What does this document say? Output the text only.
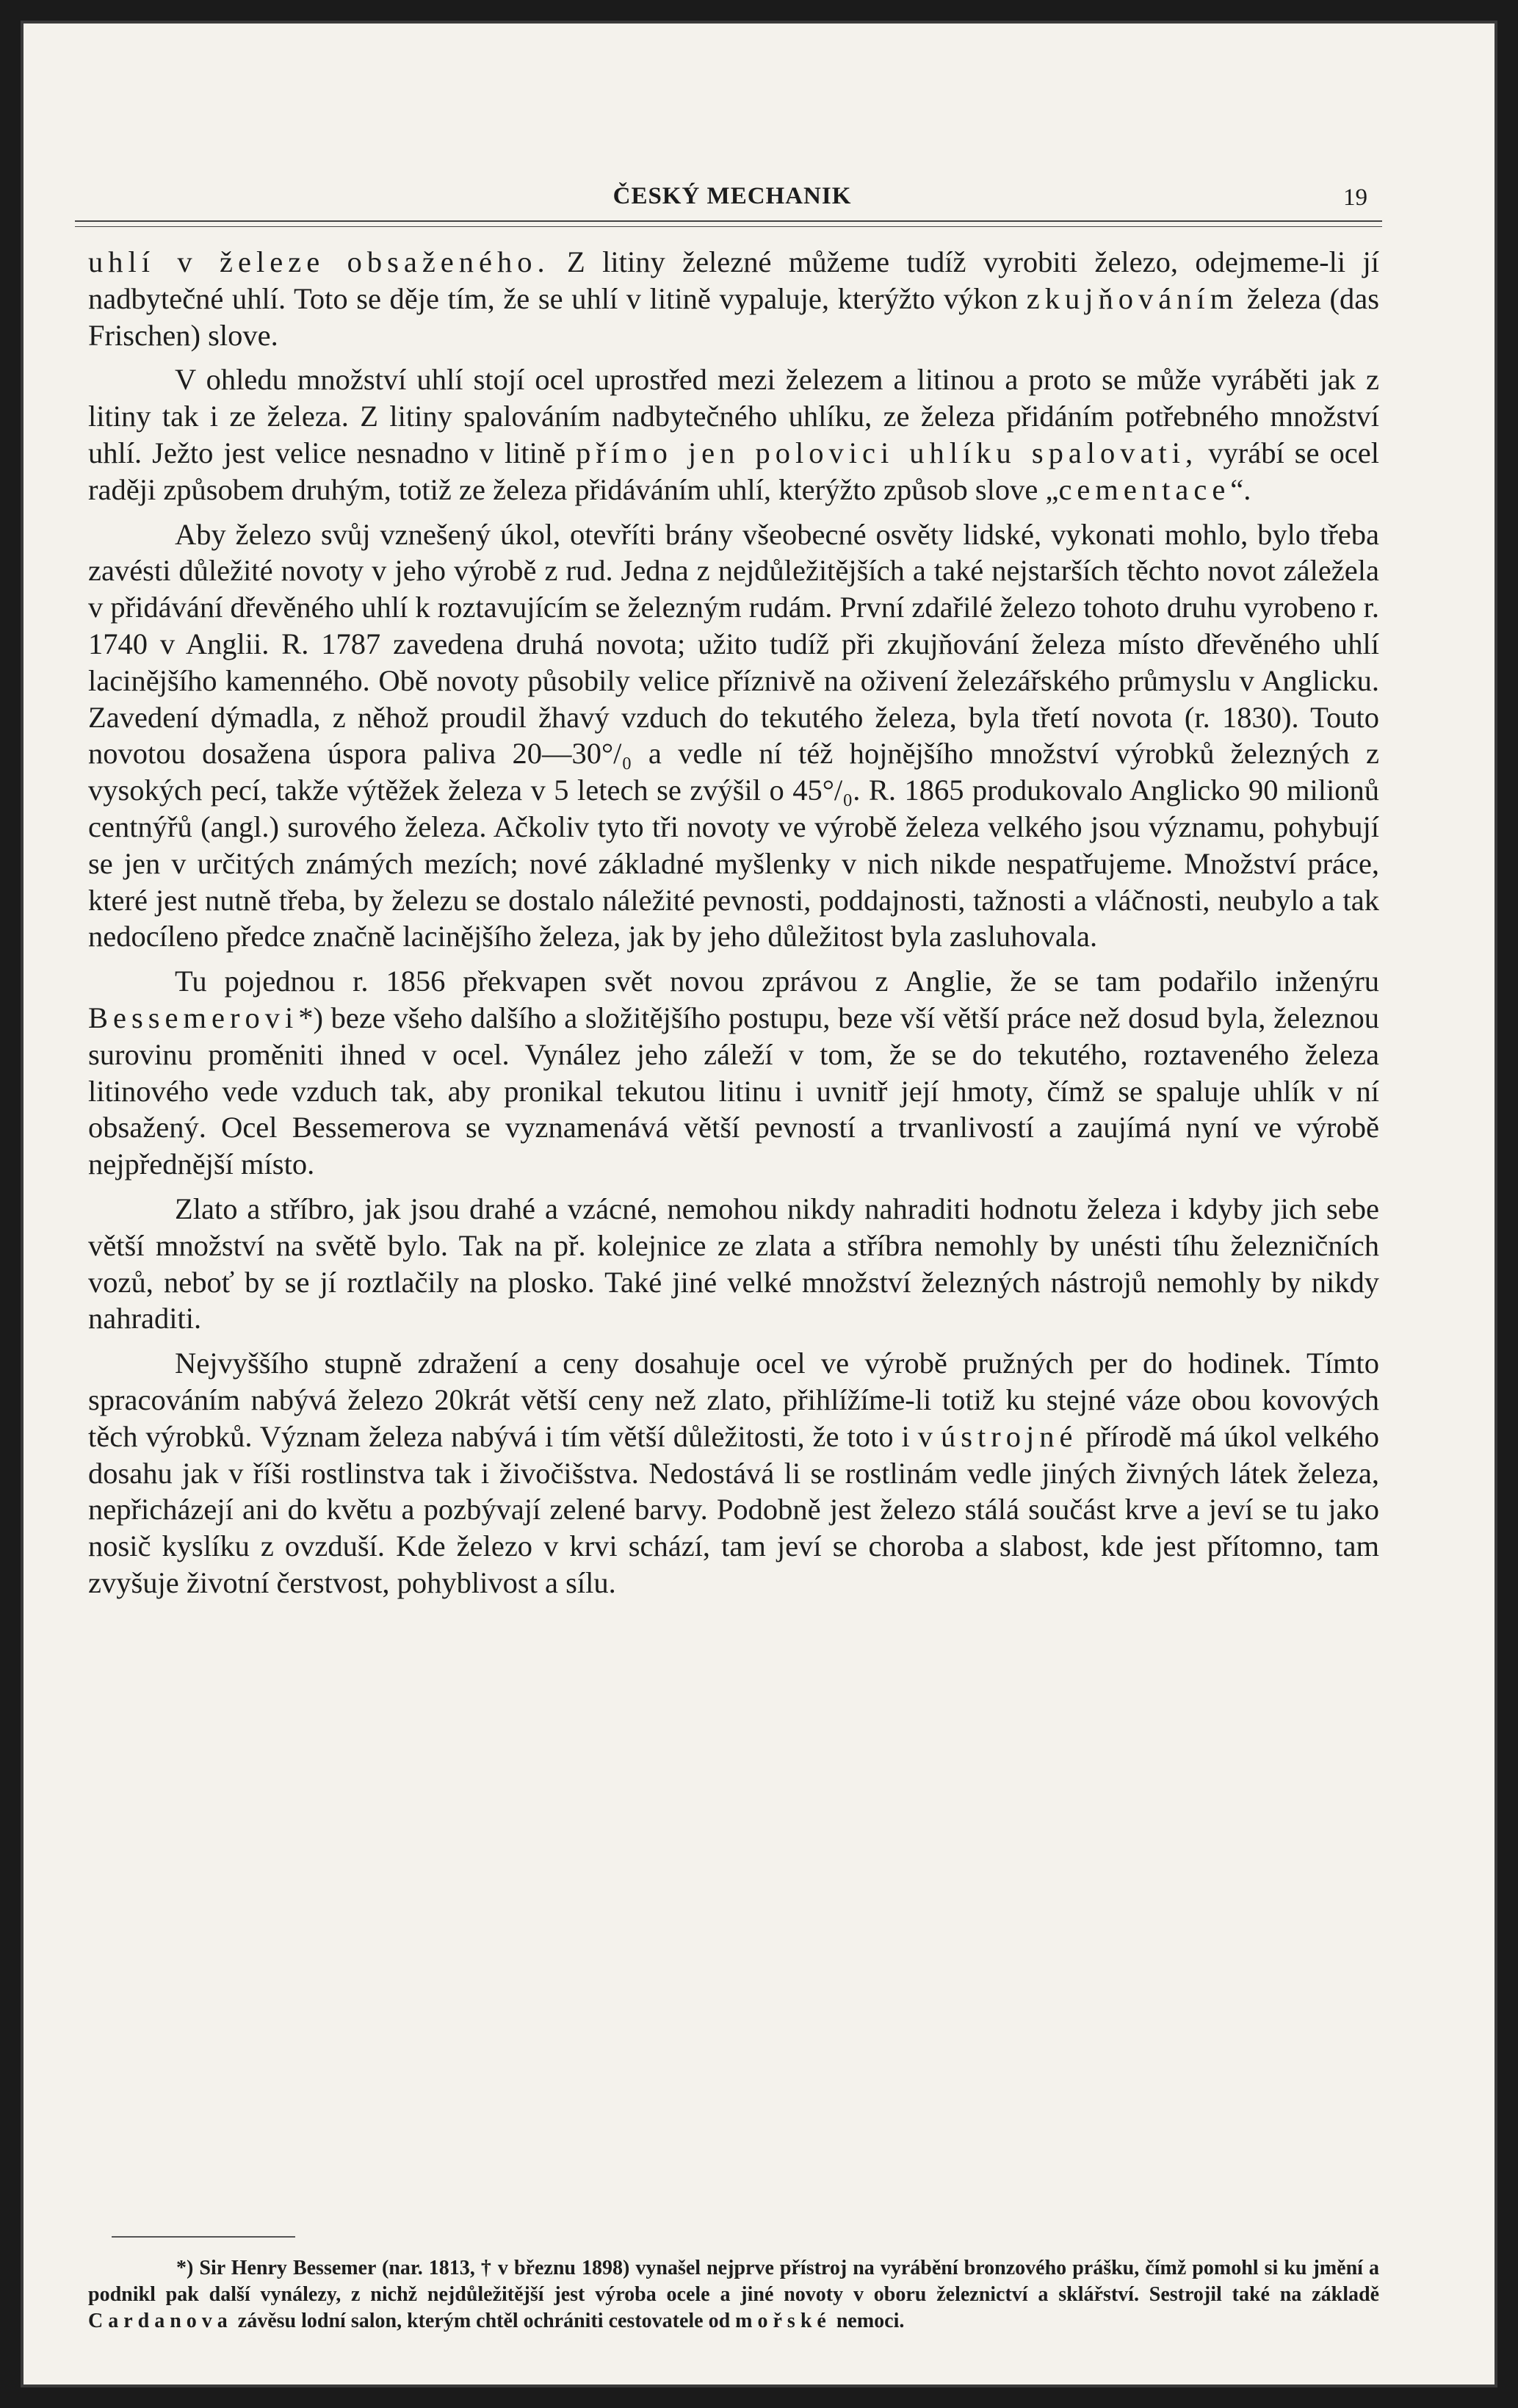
ČESKÝ MECHANIK	19

uhlí v železe obsaženého. Z litiny železné můžeme tudíž vyrobiti železo, odejmeme-li jí nadbytečné uhlí. Toto se děje tím, že se uhlí v litině vypaluje, kterýžto výkon zkujňováním železa (das Frischen) slove.

V ohledu množství uhlí stojí ocel uprostřed mezi železem a litinou a proto se může vyráběti jak z litiny tak i ze železa. Z litiny spalováním nadbytečného uhlíku, ze železa přidáním potřebného množství uhlí. Ježto jest velice nesnadno v litině přímo jen polovici uhlíku spalovati, vyrábí se ocel raději způsobem druhým, totiž ze železa přidáváním uhlí, kterýžto způsob slove „cementace“.

Aby železo svůj vznešený úkol, otevříti brány všeobecné osvěty lidské, vykonati mohlo, bylo třeba zavésti důležité novoty v jeho výrobě z rud. Jedna z nejdůležitějších a také nejstarších těchto novot záležela v přidávání dřevěného uhlí k roztavujícím se železným rudám. První zdařilé železo tohoto druhu vyrobeno r. 1740 v Anglii. R. 1787 zavedena druhá novota; užito tudíž při zkujňování železa místo dřevěného uhlí lacinějšího kamenného. Obě novoty působily velice příznivě na oživení železářského průmyslu v Anglicku. Zavedení dýmadla, z něhož proudil žhavý vzduch do tekutého železa, byla třetí novota (r. 1830). Touto novotou dosažena úspora paliva 20—30°/₀ a vedle ní též hojnějšího množství výrobků železných z vysokých pecí, takže výtěžek železa v 5 letech se zvýšil o 45°/₀. R. 1865 produkovalo Anglicko 90 milionů centnýřů (angl.) surového železa. Ačkoliv tyto tři novoty ve výrobě železa velkého jsou významu, pohybují se jen v určitých známých mezích; nové základné myšlenky v nich nikde nespatřujeme. Množství práce, které jest nutně třeba, by železu se dostalo náležité pevnosti, poddajnosti, tažnosti a vláčnosti, neubylo a tak nedocíleno předce značně lacinějšího železa, jak by jeho důležitost byla zasluhovala.

Tu pojednou r. 1856 překvapen svět novou zprávou z Anglie, že se tam podařilo inženýru Bessemerovi*) beze všeho dalšího a složitějšího postupu, beze vší větší práce než dosud byla, železnou surovinu proměniti ihned v ocel. Vynález jeho záleží v tom, že se do tekutého, roztaveného železa litinového vede vzduch tak, aby pronikal tekutou litinu i uvnitř její hmoty, čímž se spaluje uhlík v ní obsažený. Ocel Bessemerova se vyznamenává větší pevností a trvanlivostí a zaujímá nyní ve výrobě nejpřednější místo.

Zlato a stříbro, jak jsou drahé a vzácné, nemohou nikdy nahraditi hodnotu železa i kdyby jich sebe větší množství na světě bylo. Tak na př. kolejnice ze zlata a stříbra nemohly by unésti tíhu železničních vozů, neboť by se jí roztlačily na plosko. Také jiné velké množství železných nástrojů nemohly by nikdy nahraditi.

Nejvyššího stupně zdražení a ceny dosahuje ocel ve výrobě pružných per do hodinek. Tímto spracováním nabývá železo 20krát větší ceny než zlato, přihlížíme-li totiž ku stejné váze obou kovových těch výrobků. Význam železa nabývá i tím větší důležitosti, že toto i v ústrojné přírodě má úkol velkého dosahu jak v říši rostlinstva tak i živočišstva. Nedostává li se rostlinám vedle jiných živných látek železa, nepřicházejí ani do květu a pozbývají zelené barvy. Podobně jest železo stálá součást krve a jeví se tu jako nosič kyslíku z ovzduší. Kde železo v krvi schází, tam jeví se choroba a slabost, kde jest přítomno, tam zvyšuje životní čerstvost, pohyblivost a sílu.

*) Sir Henry Bessemer (nar. 1813, † v březnu 1898) vynašel nejprve přístroj na vyrábění bronzového prášku, čímž pomohl si ku jmění a podnikl pak další vynálezy, z nichž nejdůležitější jest výroba ocele a jiné novoty v oboru železnictví a sklářství. Sestrojil také na základě Cardanova závěsu lodní salon, kterým chtěl ochrániti cestovatele od mořské nemoci.
